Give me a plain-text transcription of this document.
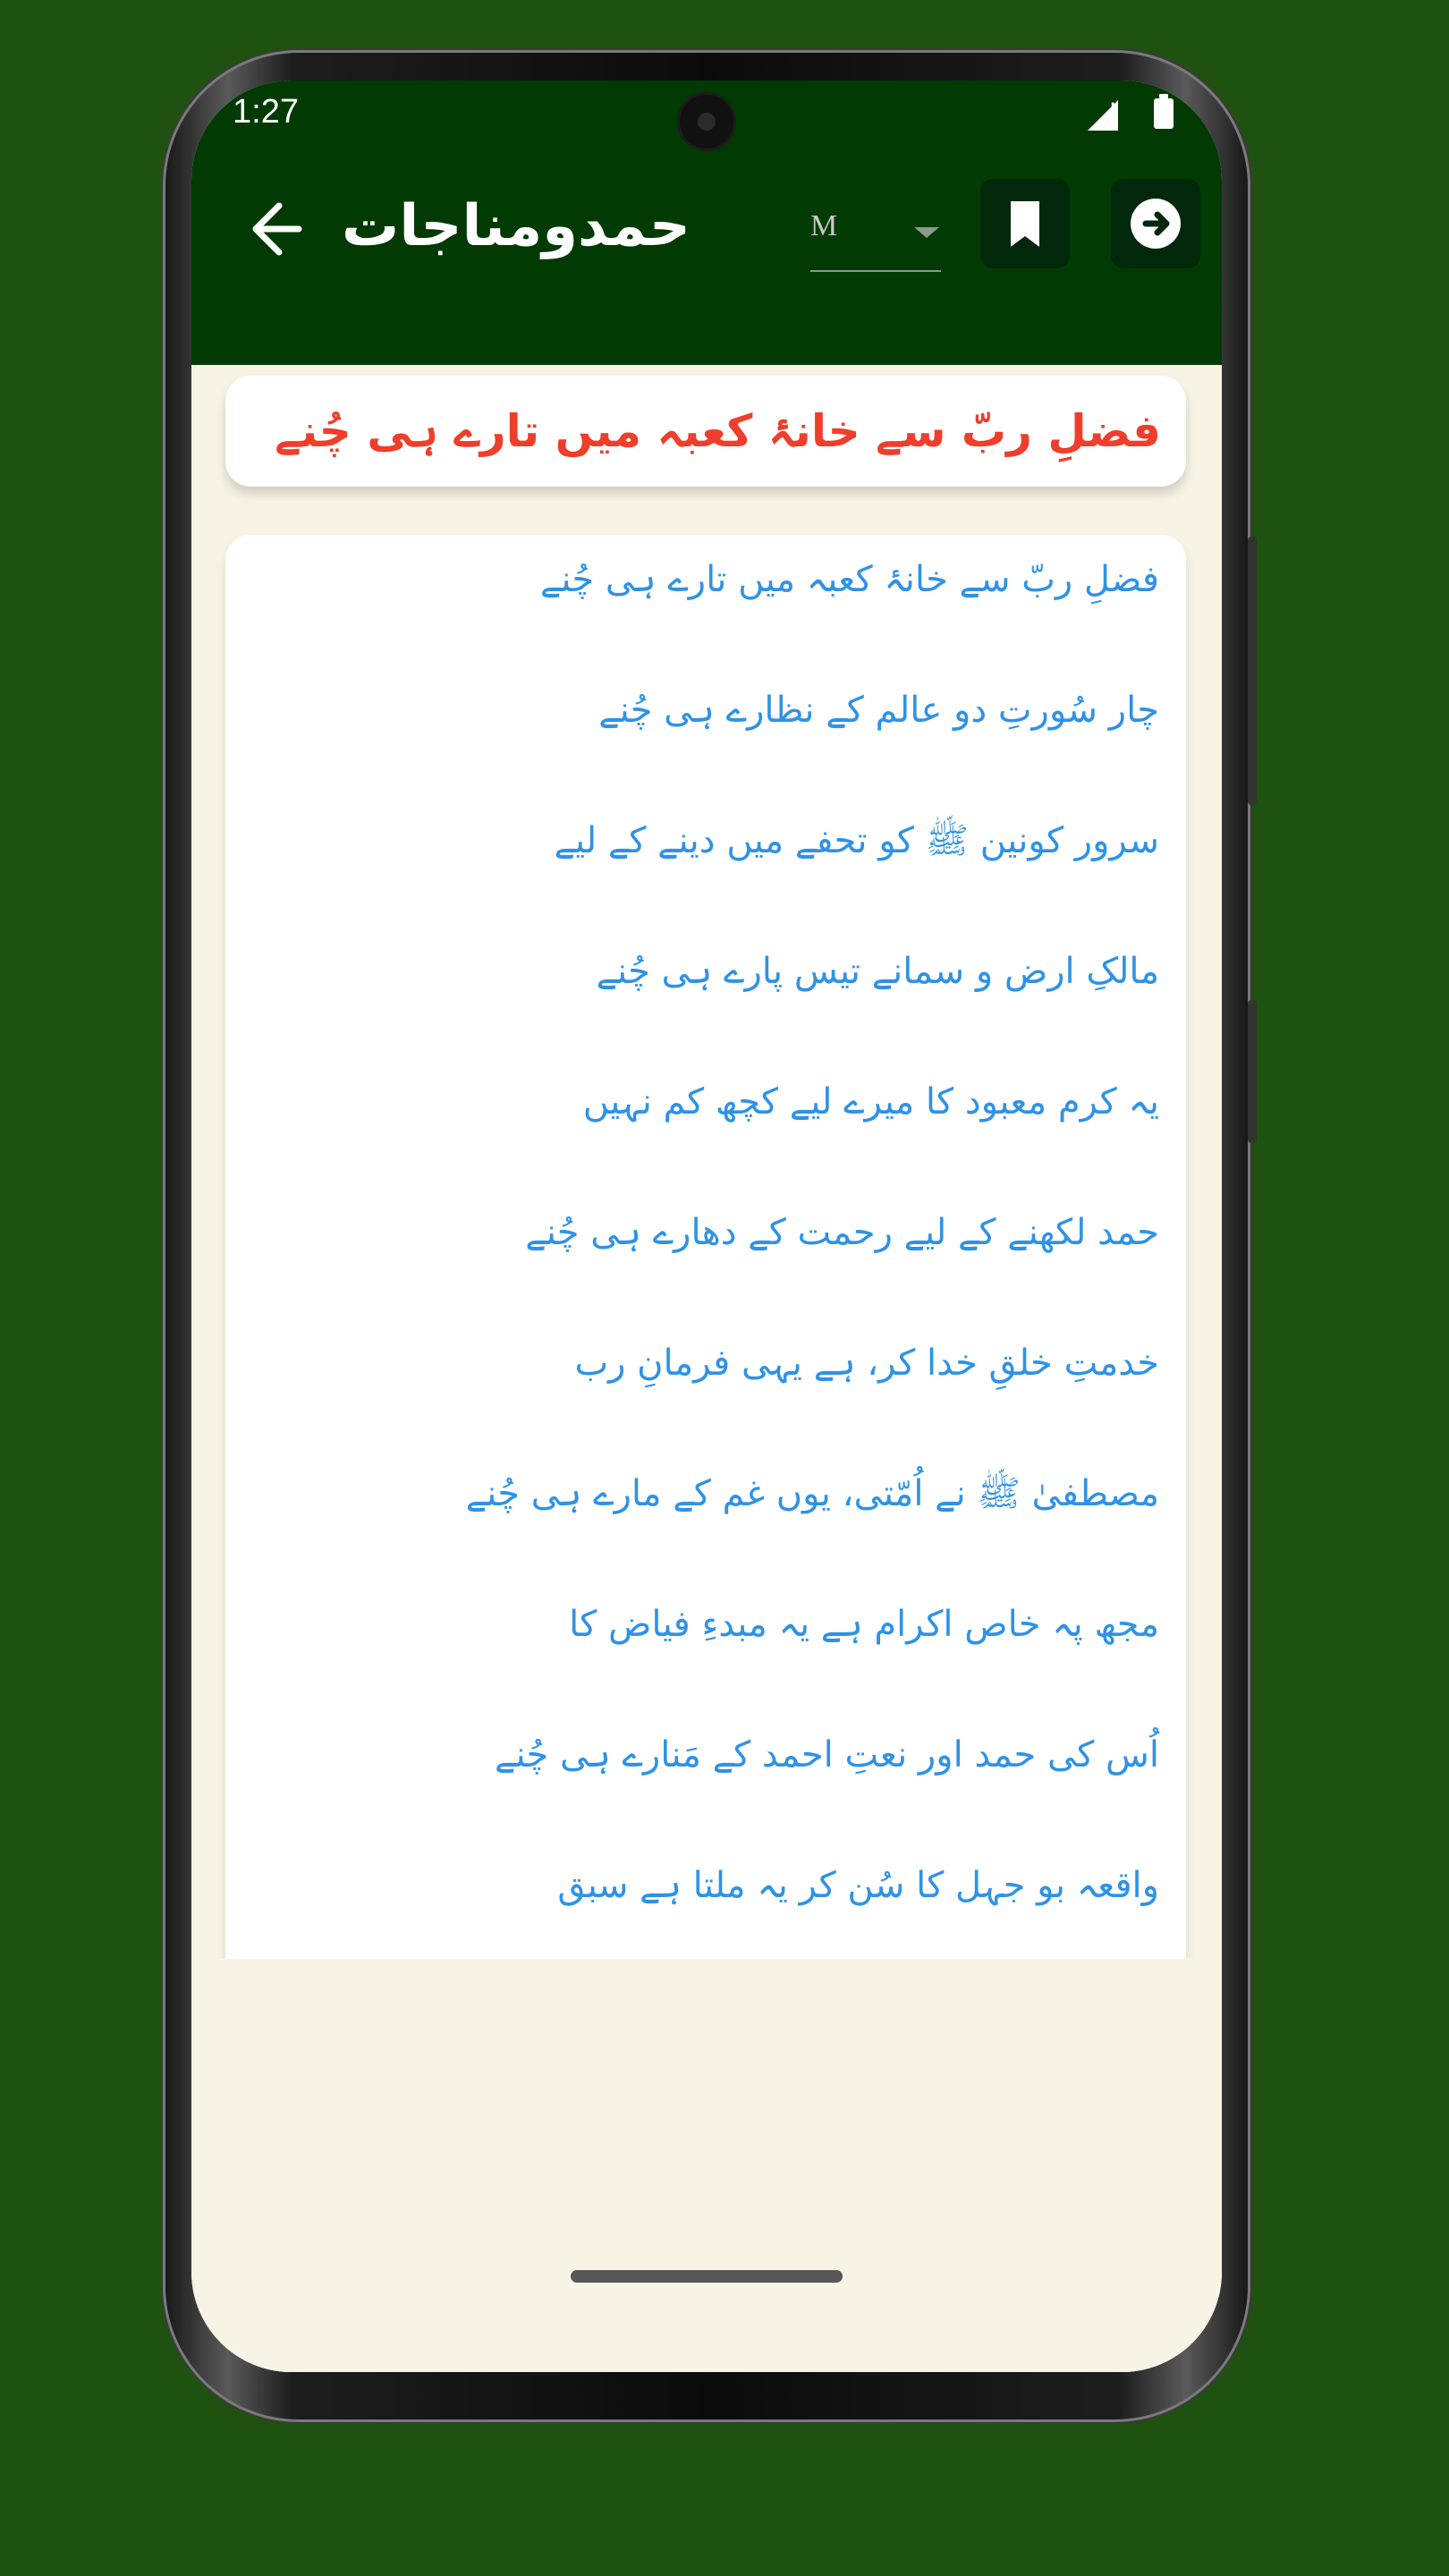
1:27	!
حمدومناجات	M
فضلِ ربّ سے خانۂ کعبہ میں تارے ہی چُنے
فضلِ ربّ سے خانۂ کعبہ میں تارے ہی چُنے
چار سُورتِ دو عالم کے نظارے ہی چُنے
سرور کونین ﷺ کو تحفے میں دینے کے لیے
مالکِ ارض و سمانے تیس پارے ہی چُنے
یہ کرم معبود کا میرے لیے کچھ کم نہیں
حمد لکھنے کے لیے رحمت کے دھارے ہی چُنے
خدمتِ خلقِ خدا کر، ہے یہی فرمانِ رب
مصطفیٰ ﷺ نے اُمّتی، یوں غم کے مارے ہی چُنے
مجھ پہ خاص اکرام ہے یہ مبدءِ فیاض کا
اُس کی حمد اور نعتِ احمد کے مَنارے ہی چُنے
واقعہ بو جہل کا سُن کر یہ ملتا ہے سبق
